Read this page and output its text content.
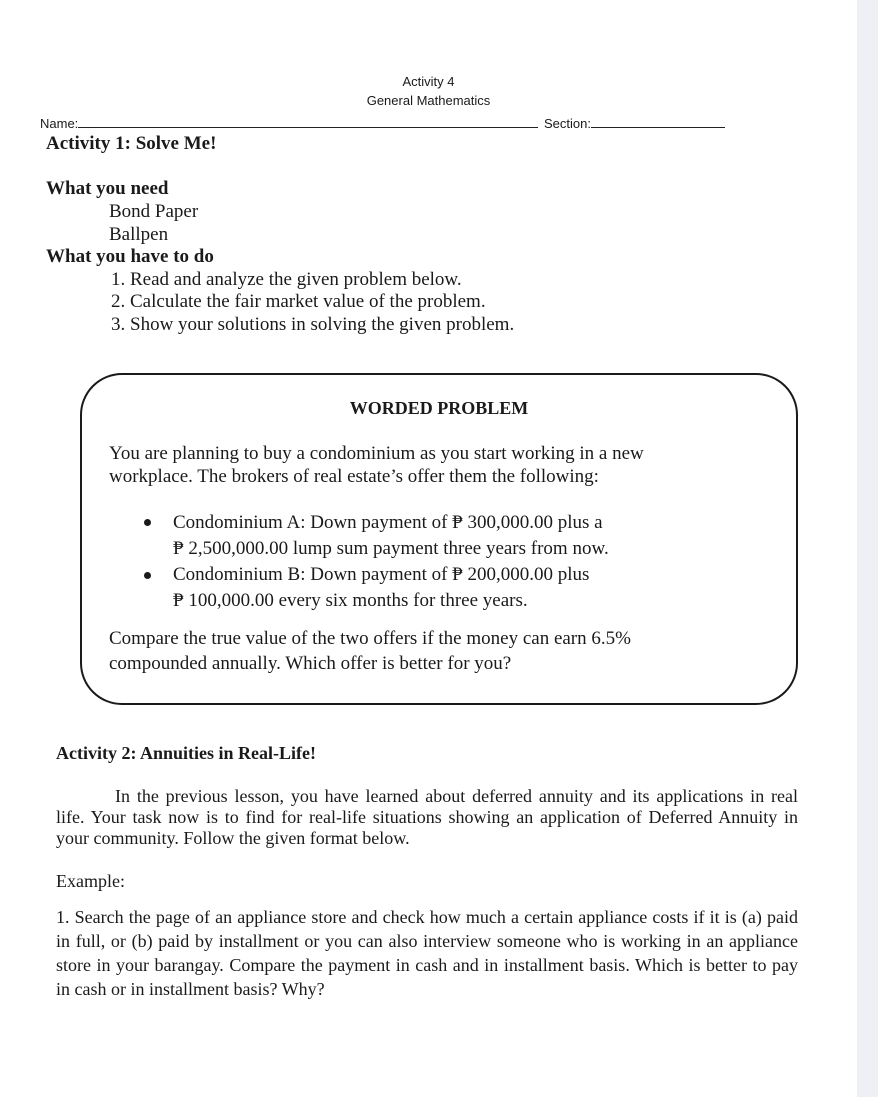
Activity 4
General Mathematics
Name:	Section:
Activity 1: Solve Me!
What you need
Bond Paper
Ballpen
What you have to do
1. Read and analyze the given problem below.
2. Calculate the fair market value of the problem.
3. Show your solutions in solving the given problem.
WORDED PROBLEM
You are planning to buy a condominium as you start working in a new
workplace. The brokers of real estate’s offer them the following:
Condominium A: Down payment of ₱ 300,000.00 plus a
₱ 2,500,000.00 lump sum payment three years from now.
Condominium B: Down payment of ₱ 200,000.00 plus
₱ 100,000.00 every six months for three years.
Compare the true value of the two offers if the money can earn 6.5%
compounded annually. Which offer is better for you?
Activity 2: Annuities in Real-Life!
In the previous lesson, you have learned about deferred annuity and its applications in real life. Your task now is to find for real-life situations showing an application of Deferred Annuity in your community. Follow the given format below.
Example:
1. Search the page of an appliance store and check how much a certain appliance costs if it is (a) paid in full, or (b) paid by installment or you can also interview someone who is working in an appliance store in your barangay. Compare the payment in cash and in installment basis. Which is better to pay in cash or in installment basis? Why?
